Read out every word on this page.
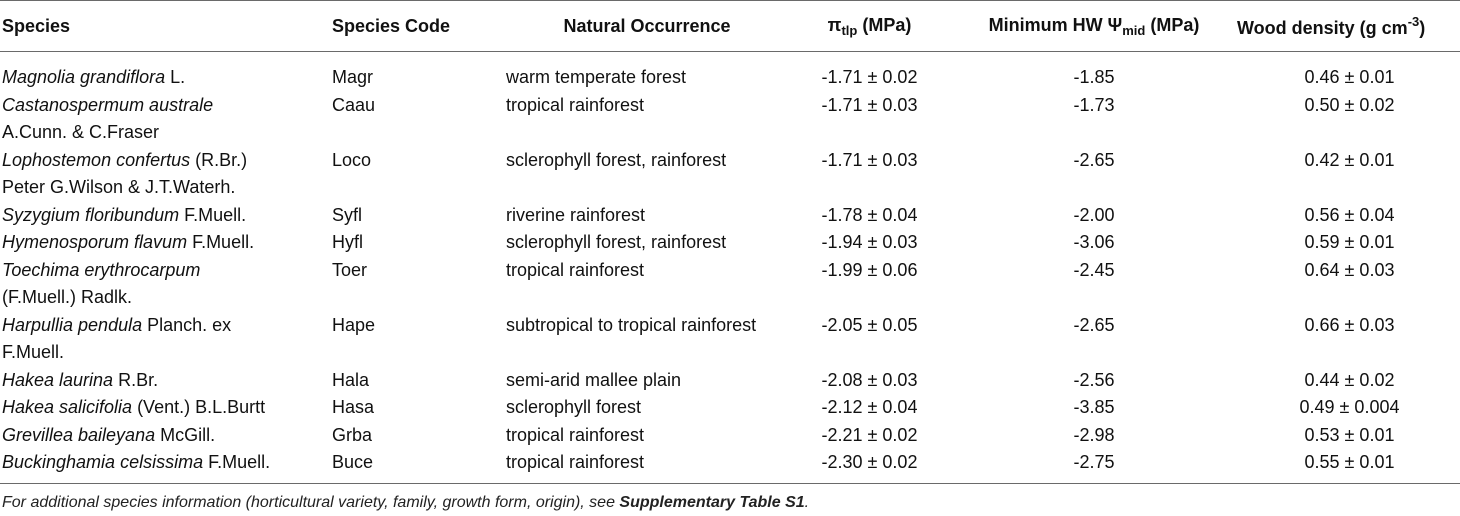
Species	Species Code	Natural Occurrence	$\pi_{tlp}$ (MPa)	Minimum HW $\Psi_{mid}$ (MPa)	Wood density (g $cm^{-3}$)
Magnolia grandiflora L.	Magr	warm temperate forest	-1.71 ± 0.02	-1.85	0.46 ± 0.01
Castanospermum australe
A.Cunn. & C.Fraser	Caau	tropical rainforest	-1.71 ± 0.03	-1.73	0.50 ± 0.02
Lophostemon confertus (R.Br.)
Peter G.Wilson & J.T.Waterh.	Loco	sclerophyll forest, rainforest	-1.71 ± 0.03	-2.65	0.42 ± 0.01
Syzygium floribundum F.Muell.	Syfl	riverine rainforest	-1.78 ± 0.04	-2.00	0.56 ± 0.04
Hymenosporum flavum F.Muell.	Hyfl	sclerophyll forest, rainforest	-1.94 ± 0.03	-3.06	0.59 ± 0.01
Toechima erythrocarpum
(F.Muell.) Radlk.	Toer	tropical rainforest	-1.99 ± 0.06	-2.45	0.64 ± 0.03
Harpullia pendula Planch. ex
F.Muell.	Hape	subtropical to tropical rainforest	-2.05 ± 0.05	-2.65	0.66 ± 0.03
Hakea laurina R.Br.	Hala	semi-arid mallee plain	-2.08 ± 0.03	-2.56	0.44 ± 0.02
Hakea salicifolia (Vent.) B.L.Burtt	Hasa	sclerophyll forest	-2.12 ± 0.04	-3.85	0.49 ± 0.004
Grevillea baileyana McGill.	Grba	tropical rainforest	-2.21 ± 0.02	-2.98	0.53 ± 0.01
Buckinghamia celsissima F.Muell.	Buce	tropical rainforest	-2.30 ± 0.02	-2.75	0.55 ± 0.01
For additional species information (horticultural variety, family, growth form, origin), see Supplementary Table S1.
